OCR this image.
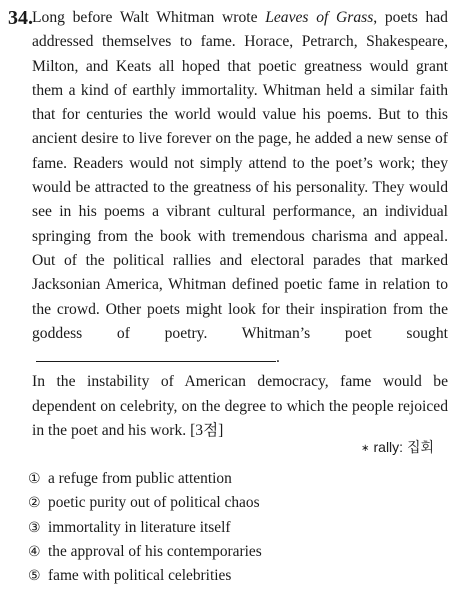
34. Long before Walt Whitman wrote Leaves of Grass, poets had addressed themselves to fame. Horace, Petrarch, Shakespeare, Milton, and Keats all hoped that poetic greatness would grant them a kind of earthly immortality. Whitman held a similar faith that for centuries the world would value his poems. But to this ancient desire to live forever on the page, he added a new sense of fame. Readers would not simply attend to the poet’s work; they would be attracted to the greatness of his personality. They would see in his poems a vibrant cultural performance, an individual springing from the book with tremendous charisma and appeal. Out of the political rallies and electoral parades that marked Jacksonian America, Whitman defined poetic fame in relation to the crowd. Other poets might look for their inspiration from the goddess of poetry. Whitman’s poet sought.
In the instability of American democracy, fame would be dependent on celebrity, on the degree to which the people rejoiced in the poet and his work. [3점]
∗ rally: 집회
① a refuge from public attention
② poetic purity out of political chaos
③ immortality in literature itself
④ the approval of his contemporaries
⑤ fame with political celebrities
